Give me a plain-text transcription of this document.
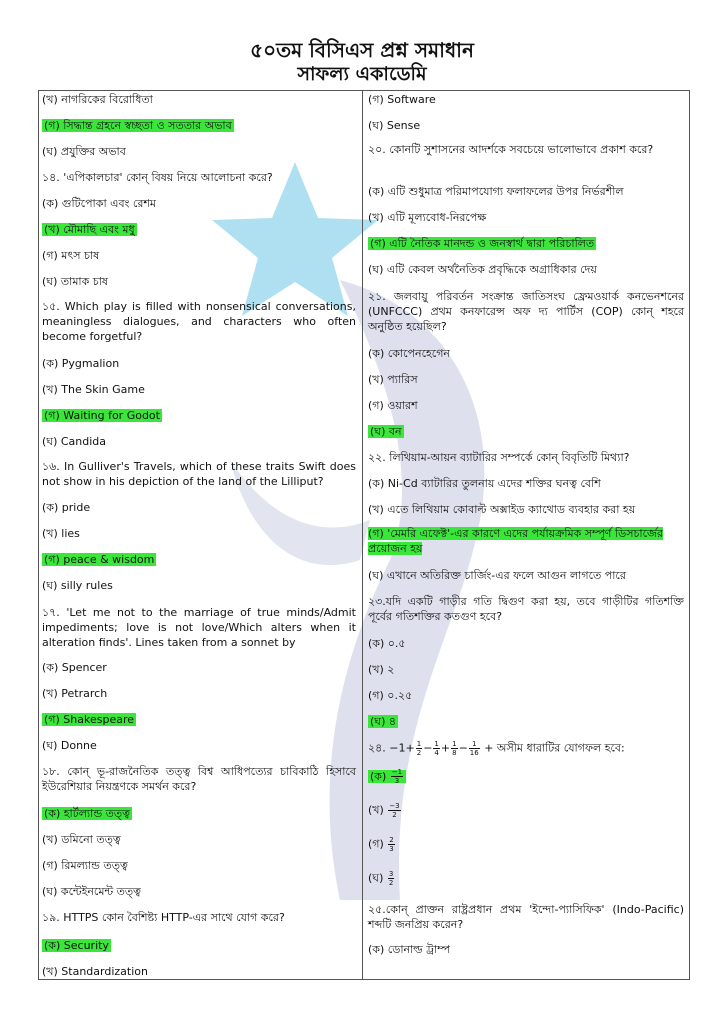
৫০তম বিসিএস প্রশ্ন সমাধান
সাফল্য একাডেমি
(খ) নাগরিকের বিরোধিতা
(গ) সিদ্ধান্ত গ্রহনে স্বচ্ছতা ও সততার অভাব
(ঘ) প্রযুক্তির অভাব
১৪. 'এপিকালচার' কোন্ বিষয় নিয়ে আলোচনা করে?
(ক) গুটিপোকা এবং রেশম
(খ) মৌমাছি এবং মধু
(গ) মৎস চাষ
(ঘ) তামাক চাষ
১৫. Which play is filled with nonsensical conversations, meaningless dialogues, and characters who often become forgetful?
(ক) Pygmalion
(খ) The Skin Game
(গ) Waiting for Godot
(ঘ) Candida
১৬. In Gulliver's Travels, which of these traits Swift does not show in his depiction of the land of the Lilliput?
(ক) pride
(খ) lies
(গ) peace & wisdom
(ঘ) silly rules
১৭. 'Let me not to the marriage of true minds/Admit impediments; love is not love/Which alters when it alteration finds'. Lines taken from a sonnet by
(ক) Spencer
(খ) Petrarch
(গ) Shakespeare
(ঘ) Donne
১৮. কোন্ ভূ-রাজনৈতিক তত্ত্ব বিশ্ব আধিপত্যের চাবিকাঠি হিসাবে ইউরেশিয়ার নিয়ন্ত্রণকে সমর্থন করে?
(ক) হার্টল্যান্ড তত্ত্ব
(খ) ডমিনো তত্ত্ব
(গ) রিমল্যান্ড তত্ত্ব
(ঘ) কন্টেইনমেন্ট তত্ত্ব
১৯. HTTPS কোন বৈশিষ্ট্য HTTP-এর সাথে যোগ করে?
(ক) Security
(খ) Standardization
(গ) Software
(ঘ) Sense
২০. কোনটি সুশাসনের আদর্শকে সবচেয়ে ভালোভাবে প্রকাশ করে?
(ক) এটি শুধুমাত্র পরিমাপযোগ্য ফলাফলের উপর নির্ভরশীল
(খ) এটি মূল্যবোধ-নিরপেক্ষ
(গ) এটি নৈতিক মানদন্ড ও জনস্বার্থ দ্বারা পরিচালিত
(ঘ) এটি কেবল অর্থনৈতিক প্রবৃদ্ধিকে অগ্রাধিকার দেয়
২১. জলবায়ু পরিবর্তন সংক্রান্ত জাতিসংঘ ফ্রেমওয়ার্ক কনভেনশনের (UNFCCC) প্রথম কনফারেন্স অফ দ্য পার্টিস (COP) কোন্ শহরে অনুষ্ঠিত হয়েছিল?
(ক) কোপেনহেগেন
(খ) প্যারিস
(গ) ওয়ারশ
(ঘ) বন
২২. লিথিয়াম-আয়ন ব্যাটারির সম্পর্কে কোন্ বিবৃতিটি মিথ্যা?
(ক) Ni-Cd ব্যাটারির তুলনায় এদের শক্তির ঘনত্ব বেশি
(খ) এতে লিথিয়াম কোবাল্ট অক্সাইড ক্যাথোড ব্যবহার করা হয়
(গ) 'মেমরি এফেক্ট'-এর কারণে এদের পর্যায়ক্রমিক সম্পূর্ণ ডিসচার্জের প্রয়োজন হয়
(ঘ) এখানে অতিরিক্ত চার্জিং-এর ফলে আগুন লাগতে পারে
২৩.যদি একটি গাড়ীর গতি দ্বিগুণ করা হয়, তবে গাড়ীটির গতিশক্তি পূর্বের গতিশক্তির কতগুণ হবে?
(ক) ০.৫
(খ) ২
(গ) ০.২৫
(ঘ) ৪
২৪. $-1+ \frac{1}{2} - \frac{1}{4} + \frac{1}{8} - \frac{1}{16}$ + অসীম ধারাটির যোগফল হবে:
(ক) $\frac{-1}{3}$
(খ) $\frac{-3}{2}$
(গ) $\frac{2}{3}$
(ঘ) $\frac{3}{2}$
২৫.কোন্ প্রাক্তন রাষ্ট্রপ্রধান প্রথম 'ইন্দো-প্যাসিফিক' (Indo-Pacific) শব্দটি জনপ্রিয় করেন?
(ক) ডোনাল্ড ট্রাম্প
